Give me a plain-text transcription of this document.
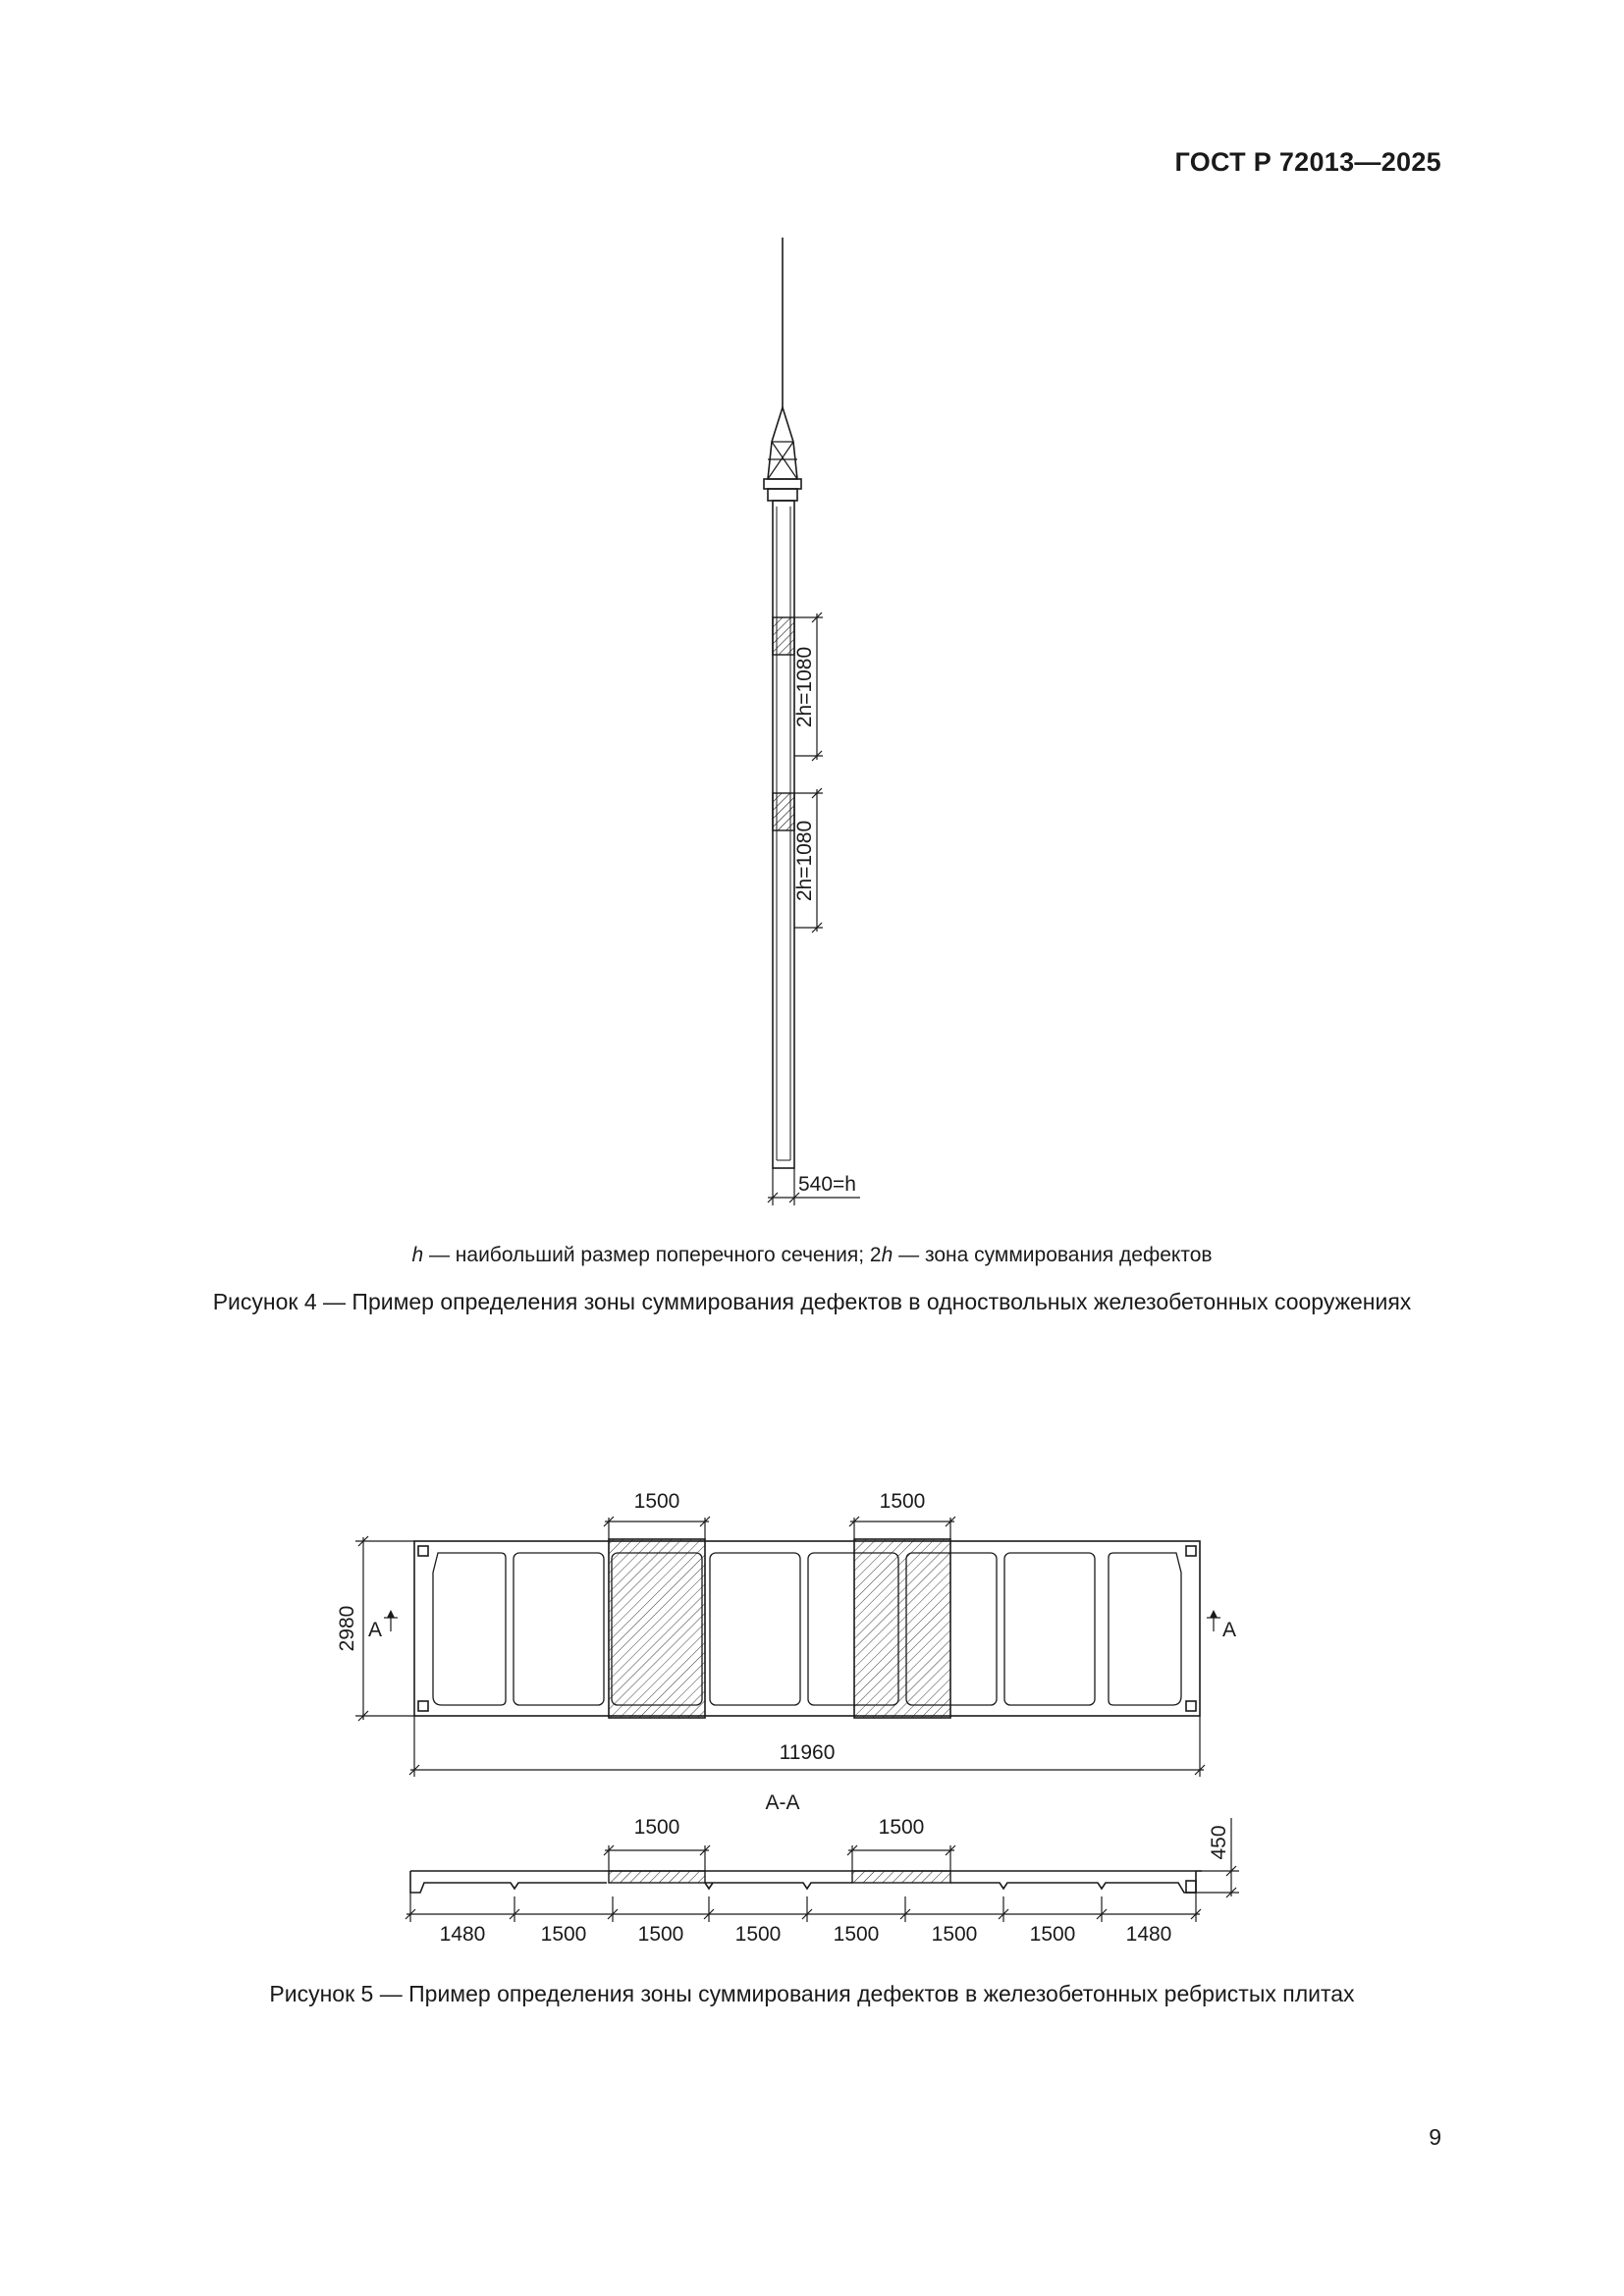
ГОСТ Р 72013—2025
2h=1080
2h=1080
540=h
h — наибольший размер поперечного сечения; 2h — зона суммирования дефектов
Рисунок 4 — Пример определения зоны суммирования дефектов в одноствольных железобетонных сооружениях
1500	1500
2980
11960
A	A
А-А
1500	1500	450
1480	1500 1500 1500	1500	1500	1500 1480
Рисунок 5 — Пример определения зоны суммирования дефектов в железобетонных ребристых плитах
9
